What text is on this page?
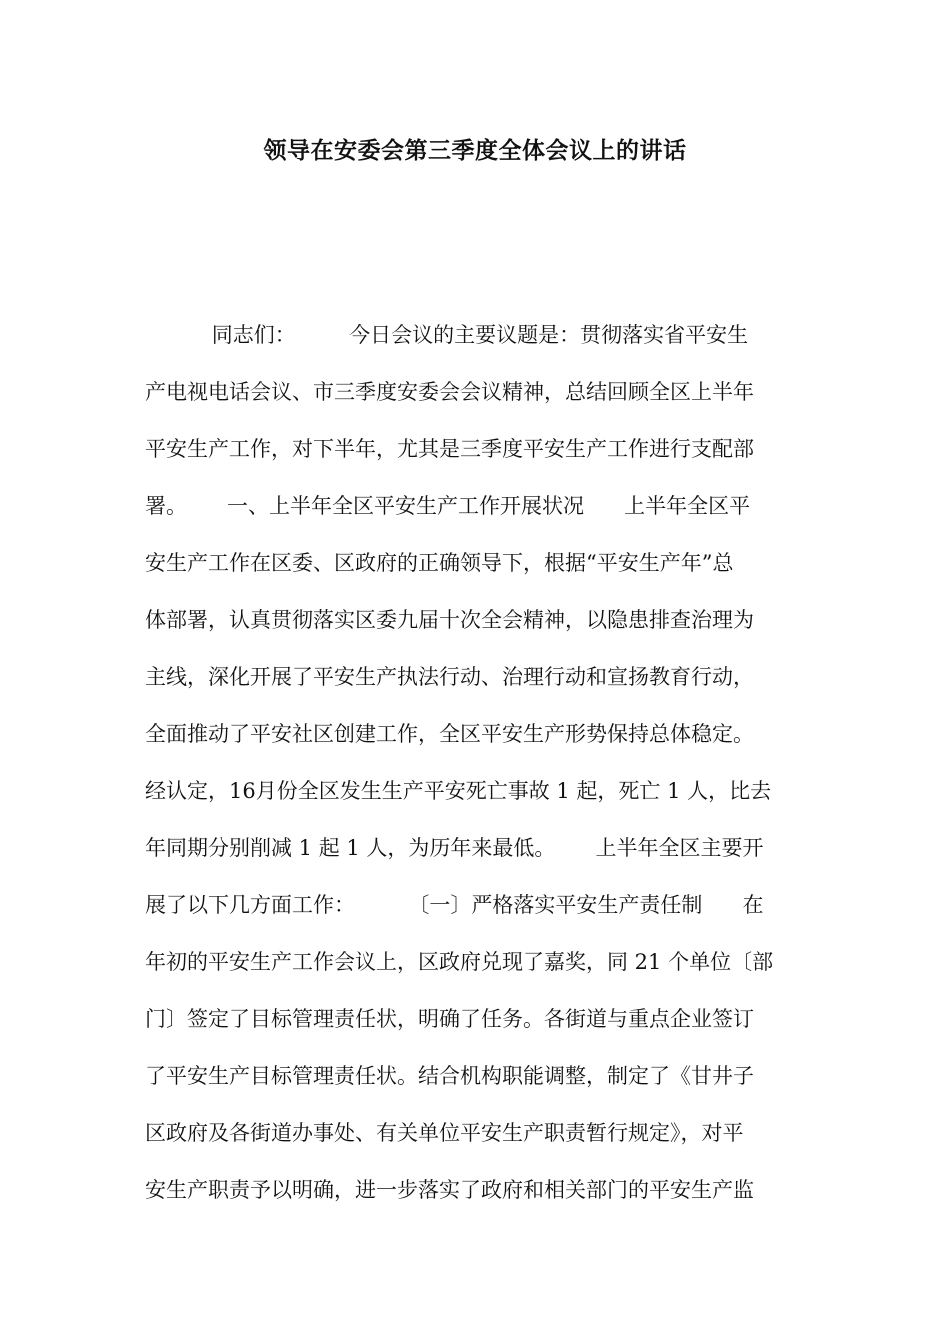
领导在安委会第三季度全体会议上的讲话
同志们：        今日会议的主要议题是：贯彻落实省平安生
产电视电话会议、市三季度安委会会议精神，总结回顾全区上半年
平安生产工作，对下半年，尤其是三季度平安生产工作进行支配部
署。      一、上半年全区平安生产工作开展状况      上半年全区平
安生产工作在区委、区政府的正确领导下，根据“平安生产年”总
体部署，认真贯彻落实区委九届十次全会精神，以隐患排查治理为
主线，深化开展了平安生产执法行动、治理行动和宣扬教育行动，
全面推动了平安社区创建工作，全区平安生产形势保持总体稳定。
经认定，16月份全区发生生产平安死亡事故 1 起，死亡 1 人，比去
年同期分别削减 1 起 1 人，为历年来最低。      上半年全区主要开
展了以下几方面工作：        〔一〕严格落实平安生产责任制      在
年初的平安生产工作会议上，区政府兑现了嘉奖，同 21 个单位〔部
门〕签定了目标管理责任状，明确了任务。各街道与重点企业签订
了平安生产目标管理责任状。结合机构职能调整，制定了《甘井子
区政府及各街道办事处、有关单位平安生产职责暂行规定》，对平
安生产职责予以明确，进一步落实了政府和相关部门的平安生产监
